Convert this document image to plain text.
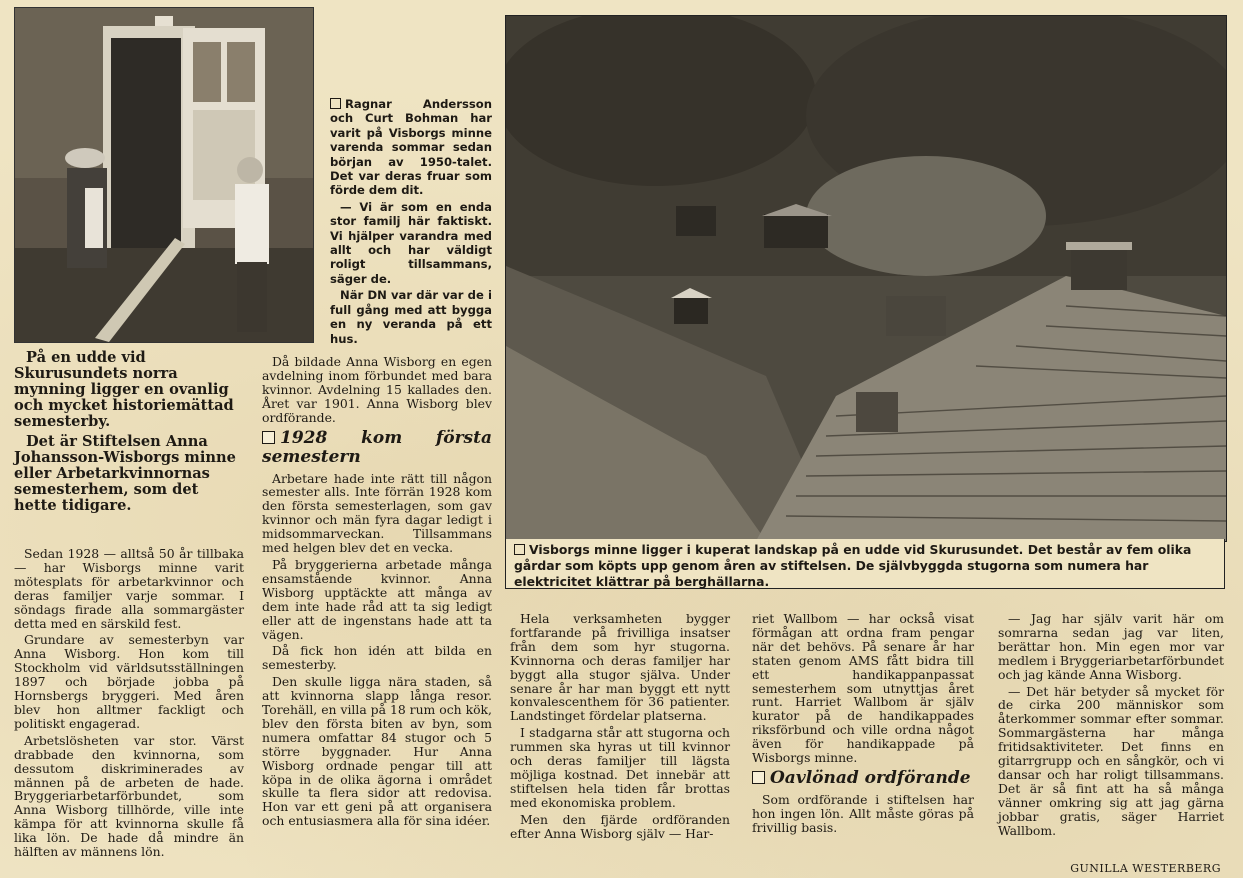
Visborgs minne ligger i kuperat landskap på en udde vid Skurusundet. Det består av fem olika gårdar som köpts upp genom åren av stiftelsen. De självbyggda stugorna som numera har elektricitet klättrar på berghällarna.

Ragnar Andersson och Curt Bohman har varit på Visborgs minne varenda sommar sedan början av 1950-talet. Det var deras fruar som förde dem dit.

— Vi är som en enda stor familj här faktiskt. Vi hjälper varandra med allt och har väldigt roligt tillsammans, säger de.

När DN var där var de i full gång med att bygga en ny veranda på ett hus.

På en udde vid Skurusundets norra mynning ligger en ovanlig och mycket historiemättad semesterby.

Det är Stiftelsen Anna Johansson-Wisborgs minne eller Arbetarkvinnornas semesterhem, som det hette tidigare.

Sedan 1928 — alltså 50 år tillbaka — har Wisborgs minne varit mötesplats för arbetarkvinnor och deras familjer varje sommar. I söndags firade alla sommargäster detta med en särskild fest.

Grundare av semesterbyn var Anna Wisborg. Hon kom till Stockholm vid världsutsställningen 1897 och började jobba på Hornsbergs bryggeri. Med åren blev hon alltmer fackligt och politiskt engagerad.

Arbetslösheten var stor. Värst drabbade den kvinnorna, som dessutom diskriminerades av männen på de arbeten de hade. Bryggeriarbetarförbundet, som Anna Wisborg tillhörde, ville inte kämpa för att kvinnorna skulle få lika lön. De hade då mindre än hälften av männens lön.

Då bildade Anna Wisborg en egen avdelning inom förbundet med bara kvinnor. Avdelning 15 kallades den. Året var 1901. Anna Wisborg blev ordförande.

1928 kom första semestern

Arbetare hade inte rätt till någon semester alls. Inte förrän 1928 kom den första semesterlagen, som gav kvinnor och män fyra dagar ledigt i midsommarveckan. Tillsammans med helgen blev det en vecka.

På bryggerierna arbetade många ensamstående kvinnor. Anna Wisborg upptäckte att många av dem inte hade råd att ta sig ledigt eller att de ingenstans hade att ta vägen.

Då fick hon idén att bilda en semesterby.

Den skulle ligga nära staden, så att kvinnorna slapp långa resor. Torehäll, en villa på 18 rum och kök, blev den första biten av byn, som numera omfattar 84 stugor och 5 större byggnader. Hur Anna Wisborg ordnade pengar till att köpa in de olika ägorna i området skulle ta flera sidor att redovisa. Hon var ett geni på att organisera och entusiasmera alla för sina idéer.

Hela verksamheten bygger fortfarande på frivilliga insatser från dem som hyr stugorna. Kvinnorna och deras familjer har byggt alla stugor själva. Under senare år har man byggt ett nytt konvalescenthem för 36 patienter. Landstinget fördelar platserna.

I stadgarna står att stugorna och rummen ska hyras ut till kvinnor och deras familjer till lägsta möjliga kostnad. Det innebär att stiftelsen hela tiden får brottas med ekonomiska problem.

Men den fjärde ordföranden efter Anna Wisborg själv — Har-

riet Wallbom — har också visat förmågan att ordna fram pengar när det behövs. På senare år har staten genom AMS fått bidra till ett handikappanpassat semesterhem som utnyttjas året runt. Harriet Wallbom är själv kurator på de handikappades riksförbund och ville ordna något även för handikappade på Wisborgs minne.

Oavlönad ordförande

Som ordförande i stiftelsen har hon ingen lön. Allt måste göras på frivillig basis.

— Jag har själv varit här om somrarna sedan jag var liten, berättar hon. Min egen mor var medlem i Bryggeriarbetarförbundet och jag kände Anna Wisborg.

— Det här betyder så mycket för de cirka 200 människor som återkommer sommar efter sommar. Sommargästerna har många fritidsaktiviteter. Det finns en gitarrgrupp och en sångkör, och vi dansar och har roligt tillsammans. Det är så fint att ha så många vänner omkring sig att jag gärna jobbar gratis, säger Harriet Wallbom.

GUNILLA WESTERBERG
